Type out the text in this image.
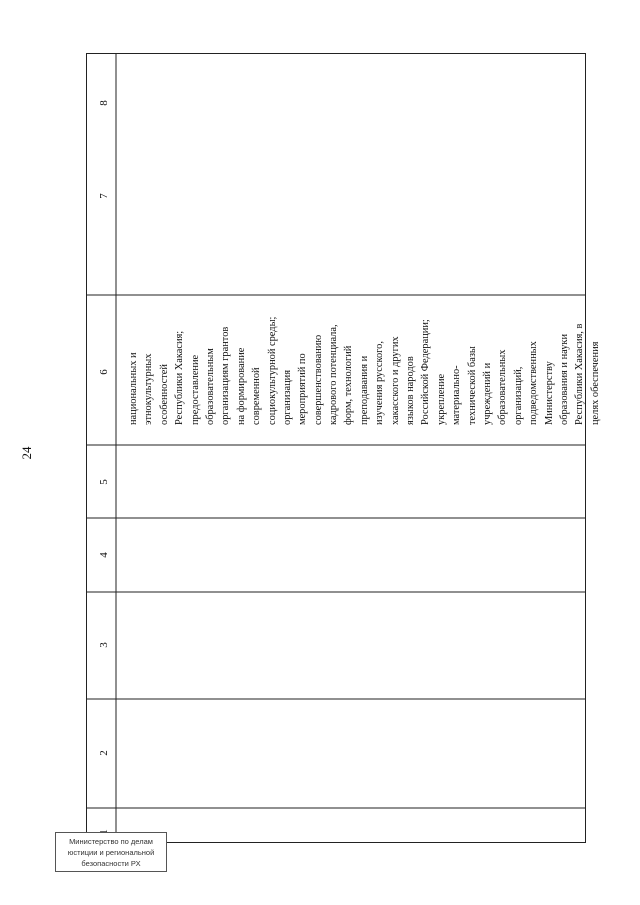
24
2
3
4
5
6
7
8
национальных и этнокультурных особенностей Республики Хакасия; предоставление образовательным организациям грантов на формирование современной социокультурной среды; организация мероприятий по совершенствованию кадрового потенциала, форм, технологий преподавания и изучения русского, хакасского и других языков народов Российской Федерации; укрепление материально- технической базы учреждений и образовательных организаций, подведомственных Министерству образования и науки Республики Хакасия, в целях обеспечения
Министерство по делам
юстиции и региональной
безопасности РХ
